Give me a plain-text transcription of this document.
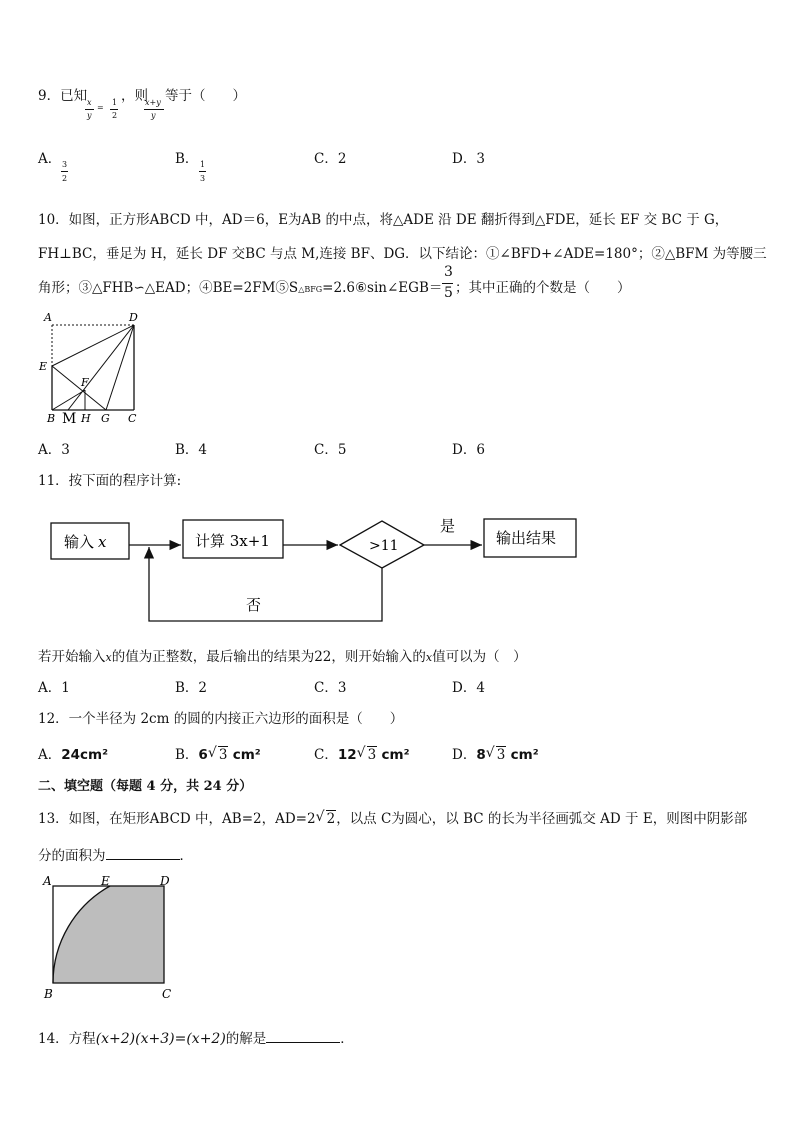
9．已知 x
y
=
1
2
，则
x+y
y
等于（　　）
A． 3
2
B． 1
3
C．2	D．3
10．如图，正方形ABCD 中，AD＝6，E为AB 的中点，将△ADE 沿 DE 翻折得到△FDE，延长 EF 交 BC 于 G，
FH⊥BC，垂足为 H，延长 DF 交BC 与点 M,连接 BF、DG．以下结论：①∠BFD+∠ADE=180°；②△BFM 为等腰三
角形；③△FHB∽△EAD；④BE=2FM⑤S△BFG=2.6⑥sin∠EGB＝
3
5 ；其中正确的个数是（　　）
A	D
E
F
B M H G C
A．3	B．4	C．5	D．6
11．按下面的程序计算:
输入 x	计算 3x+1	>11	输出结果
是
否
若开始输入x的值为正整数，最后输出的结果为22，则开始输入的x值可以为（　）
A．1	B．2	C．3	D．4
12．一个半径为 2cm 的圆的内接正六边形的面积是（　　）
A．24cm²	B．6 √ 3 cm²	C．12 √ 3 cm²	D．8 √ 3 cm²
二、填空题（每题 4 分，共 24 分）
13．如图，在矩形ABCD 中，AB=2，AD=2 √ 2，以点 C为圆心，以 BC 的长为半径画弧交 AD 于 E，则图中阴影部
分的面积为	．
A	E	D
B	C
14．方程(x+2)(x+3)=(x+2)的解是	．
